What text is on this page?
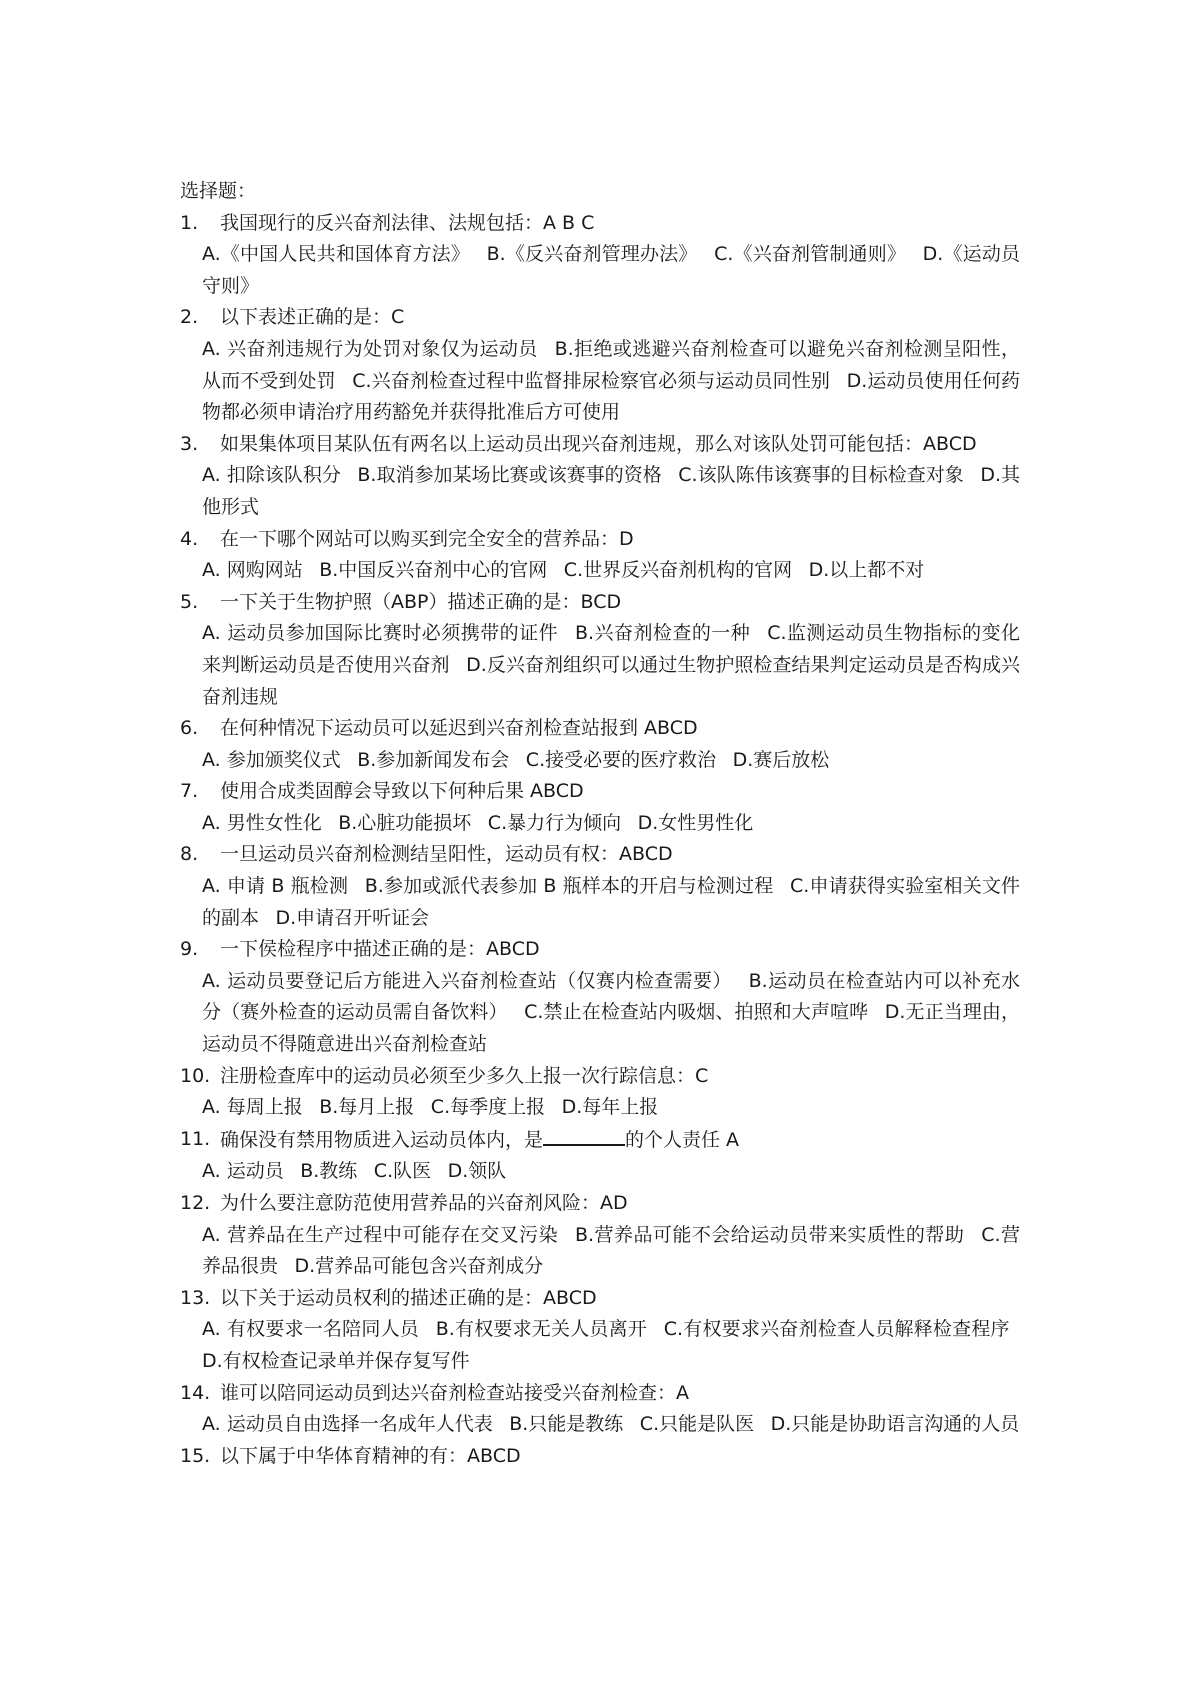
选择题：

1.	我国现行的反兴奋剂法律、法规包括：A B C
A.《中国人民共和国体育方法》 B.《反兴奋剂管理办法》 C.《兴奋剂管制通则》 D.《运动员守则》
2.	以下表述正确的是：C
A. 兴奋剂违规行为处罚对象仅为运动员 B.拒绝或逃避兴奋剂检查可以避免兴奋剂检测呈阳性，从而不受到处罚 C.兴奋剂检查过程中监督排尿检察官必须与运动员同性别 D.运动员使用任何药物都必须申请治疗用药豁免并获得批准后方可使用
3.	如果集体项目某队伍有两名以上运动员出现兴奋剂违规，那么对该队处罚可能包括：ABCD
A. 扣除该队积分 B.取消参加某场比赛或该赛事的资格 C.该队陈伟该赛事的目标检查对象 D.其他形式
4.	在一下哪个网站可以购买到完全安全的营养品：D
A. 网购网站 B.中国反兴奋剂中心的官网 C.世界反兴奋剂机构的官网 D.以上都不对
5.	一下关于生物护照（ABP）描述正确的是：BCD
A. 运动员参加国际比赛时必须携带的证件 B.兴奋剂检查的一种 C.监测运动员生物指标的变化来判断运动员是否使用兴奋剂 D.反兴奋剂组织可以通过生物护照检查结果判定运动员是否构成兴奋剂违规
6.	在何种情况下运动员可以延迟到兴奋剂检查站报到 ABCD
A. 参加颁奖仪式 B.参加新闻发布会 C.接受必要的医疗救治 D.赛后放松
7.	使用合成类固醇会导致以下何种后果 ABCD
A. 男性女性化 B.心脏功能损坏 C.暴力行为倾向 D.女性男性化
8.	一旦运动员兴奋剂检测结呈阳性，运动员有权：ABCD
A. 申请 B 瓶检测 B.参加或派代表参加 B 瓶样本的开启与检测过程 C.申请获得实验室相关文件的副本 D.申请召开听证会
9.	一下侯检程序中描述正确的是：ABCD
A. 运动员要登记后方能进入兴奋剂检查站（仅赛内检查需要） B.运动员在检查站内可以补充水分（赛外检查的运动员需自备饮料） C.禁止在检查站内吸烟、拍照和大声喧哗 D.无正当理由，运动员不得随意进出兴奋剂检查站
10. 注册检查库中的运动员必须至少多久上报一次行踪信息：C
A. 每周上报 B.每月上报 C.每季度上报 D.每年上报
11. 确保没有禁用物质进入运动员体内，是	的个人责任 A
A. 运动员 B.教练 C.队医 D.领队
12. 为什么要注意防范使用营养品的兴奋剂风险：AD
A. 营养品在生产过程中可能存在交叉污染 B.营养品可能不会给运动员带来实质性的帮助 C.营养品很贵 D.营养品可能包含兴奋剂成分
13. 以下关于运动员权利的描述正确的是：ABCD
A. 有权要求一名陪同人员 B.有权要求无关人员离开 C.有权要求兴奋剂检查人员解释检查程序 D.有权检查记录单并保存复写件
14. 谁可以陪同运动员到达兴奋剂检查站接受兴奋剂检查：A
A. 运动员自由选择一名成年人代表 B.只能是教练 C.只能是队医 D.只能是协助语言沟通的人员
15. 以下属于中华体育精神的有：ABCD
